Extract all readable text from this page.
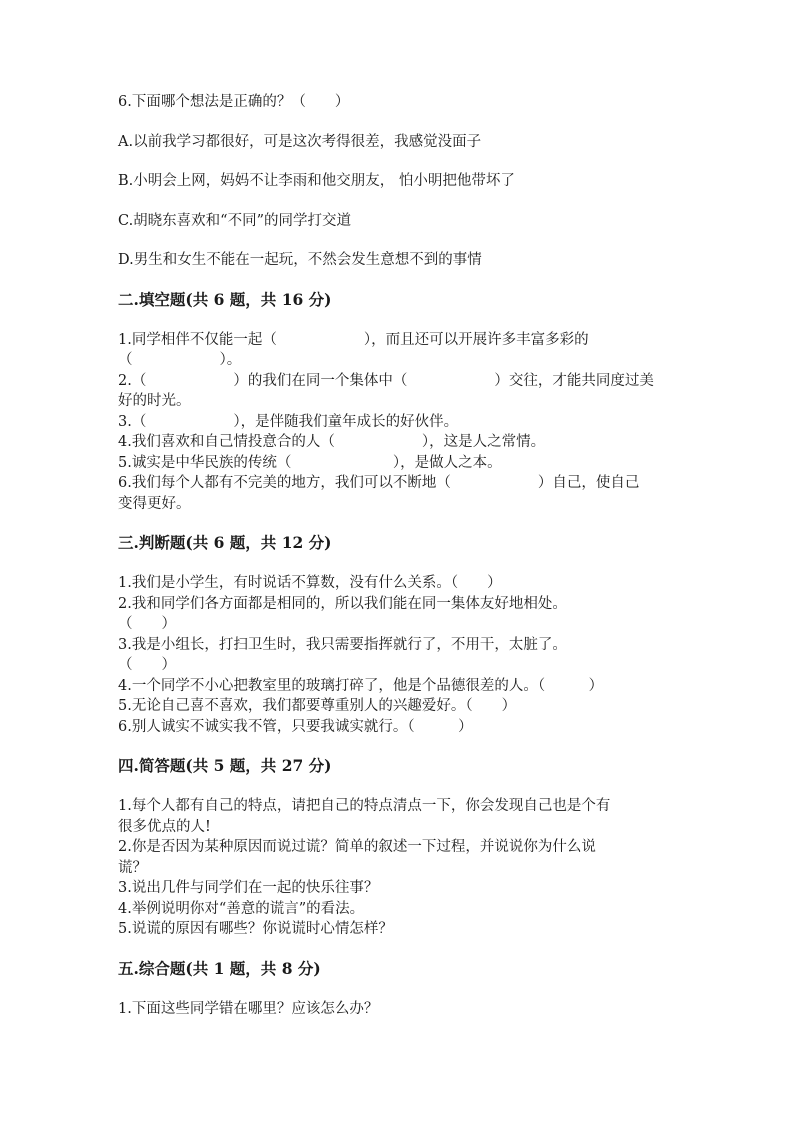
6.下面哪个想法是正确的？（　　）
A.以前我学习都很好，可是这次考得很差，我感觉没面子
B.小明会上网，妈妈不让李雨和他交朋友， 怕小明把他带坏了
C.胡晓东喜欢和“不同”的同学打交道
D.男生和女生不能在一起玩，不然会发生意想不到的事情
二.填空题(共 6 题，共 16 分)
1.同学相伴不仅能一起（　　　　　　），而且还可以开展许多丰富多彩的
（　　　　　　）。
2.（　　　　　　）的我们在同一个集体中（　　　　　　）交往，才能共同度过美
好的时光。
3.（　　　　　　），是伴随我们童年成长的好伙伴。
4.我们喜欢和自己情投意合的人（　　　　　　），这是人之常情。
5.诚实是中华民族的传统（　　　　　　　），是做人之本。
6.我们每个人都有不完美的地方，我们可以不断地（　　　　　　）自己，使自己
变得更好。
三.判断题(共 6 题，共 12 分)
1.我们是小学生，有时说话不算数，没有什么关系。（　　）
2.我和同学们各方面都是相同的，所以我们能在同一集体友好地相处。
（　　）
3.我是小组长，打扫卫生时，我只需要指挥就行了，不用干，太脏了。
（　　）
4.一个同学不小心把教室里的玻璃打碎了，他是个品德很差的人。（　　　）
5.无论自己喜不喜欢，我们都要尊重别人的兴趣爱好。（　　）
6.别人诚实不诚实我不管，只要我诚实就行。（　　　）
四.简答题(共 5 题，共 27 分)
1.每个人都有自己的特点，请把自己的特点清点一下，你会发现自己也是个有
很多优点的人!
2.你是否因为某种原因而说过谎？简单的叙述一下过程，并说说你为什么说
谎？
3.说出几件与同学们在一起的快乐往事？
4.举例说明你对“善意的谎言”的看法。
5.说谎的原因有哪些？你说谎时心情怎样？
五.综合题(共 1 题，共 8 分)
1.下面这些同学错在哪里？应该怎么办？
